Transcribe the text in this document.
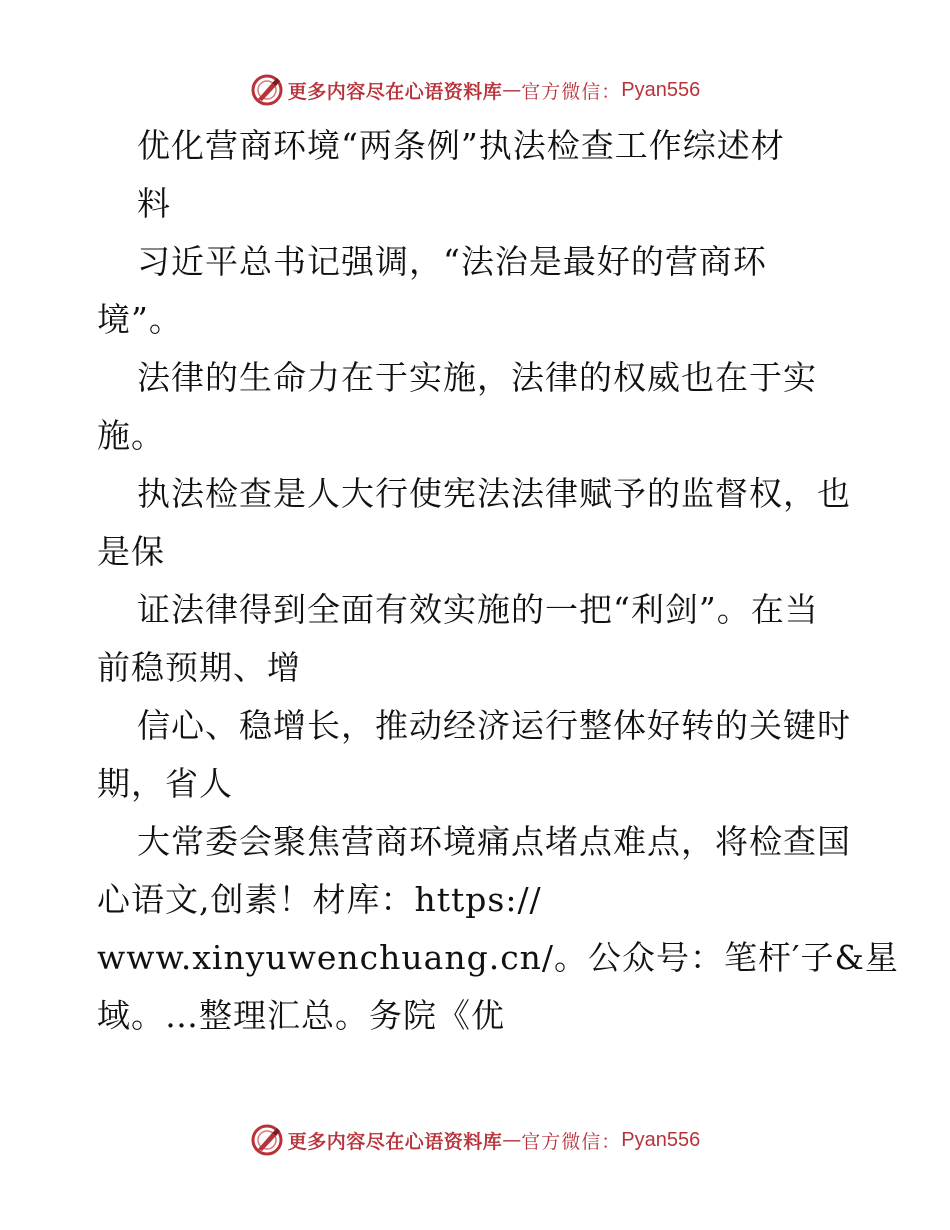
更多内容尽在心语资料库 — 官方微信： Pyan556
优化营商环境“两条例”执法检查工作综述材
料
习近平总书记强调，“法治是最好的营商环
境”。
法律的生命力在于实施，法律的权威也在于实
施。
执法检查是人大行使宪法法律赋予的监督权，也
是保
证法律得到全面有效实施的一把“利剑”。在当
前稳预期、增
信心、稳增长，推动经济运行整体好转的关键时
期，省人
大常委会聚焦营商环境痛点堵点难点，将检查国
心语文,创素！材库：https://
www.xinyuwenchuang.cn/。公众号：笔杆′子&星
域。…整理汇总。务院《优
更多内容尽在心语资料库 — 官方微信： Pyan556
